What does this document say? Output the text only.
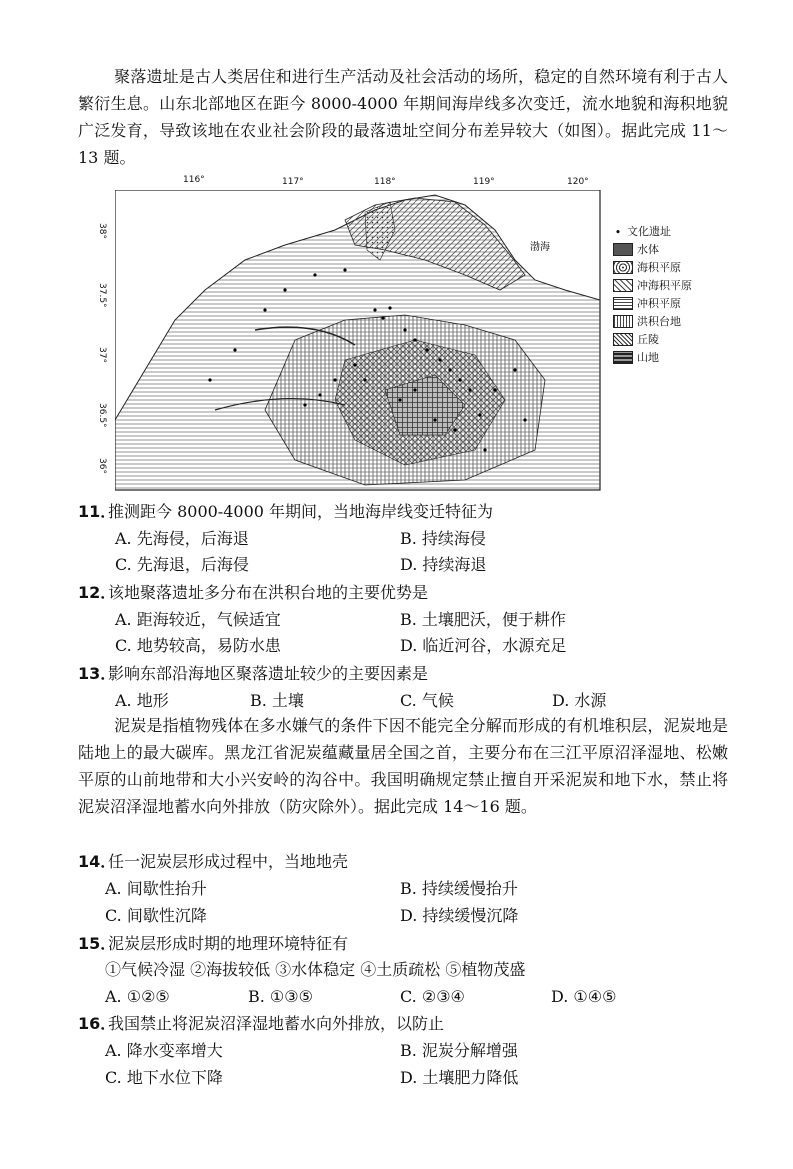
聚落遗址是古人类居住和进行生产活动及社会活动的场所，稳定的自然环境有利于古人繁衍生息。山东北部地区在距今 8000-4000 年期间海岸线多次变迁，流水地貌和海积地貌广泛发育，导致该地在农业社会阶段的最落遗址空间分布差异较大（如图）。据此完成 11～13 题。
116°	117°	118°	119°	120°
38°
37.5°
37°
36.5°
36°
渤海
• 文化遗址
水体
海积平原
冲海积平原
冲积平原
洪积台地
丘陵
山地
11．推测距今 8000-4000 年期间，当地海岸线变迁特征为
A. 先海侵，后海退	B. 持续海侵
C. 先海退，后海侵	D. 持续海退
12．该地聚落遗址多分布在洪积台地的主要优势是
A. 距海较近，气候适宜	B. 土壤肥沃，便于耕作
C. 地势较高，易防水患	D. 临近河谷，水源充足
13．影响东部沿海地区聚落遗址较少的主要因素是
A. 地形	B. 土壤	C. 气候	D. 水源
泥炭是指植物残体在多水嫌气的条件下因不能完全分解而形成的有机堆积层，泥炭地是陆地上的最大碳库。黑龙江省泥炭蕴藏量居全国之首，主要分布在三江平原沼泽湿地、松嫩平原的山前地带和大小兴安岭的沟谷中。我国明确规定禁止擅自开采泥炭和地下水，禁止将泥炭沼泽湿地蓄水向外排放（防灾除外）。据此完成 14～16 题。
14．任一泥炭层形成过程中，当地地壳
A. 间歇性抬升	B. 持续缓慢抬升
C. 间歇性沉降	D. 持续缓慢沉降
15．泥炭层形成时期的地理环境特征有
①气候冷湿 ②海拔较低 ③水体稳定 ④土质疏松 ⑤植物茂盛
A. ①②⑤	B. ①③⑤	C. ②③④	D. ①④⑤
16．我国禁止将泥炭沼泽湿地蓄水向外排放，以防止
A. 降水变率增大	B. 泥炭分解增强
C. 地下水位下降	D. 土壤肥力降低
